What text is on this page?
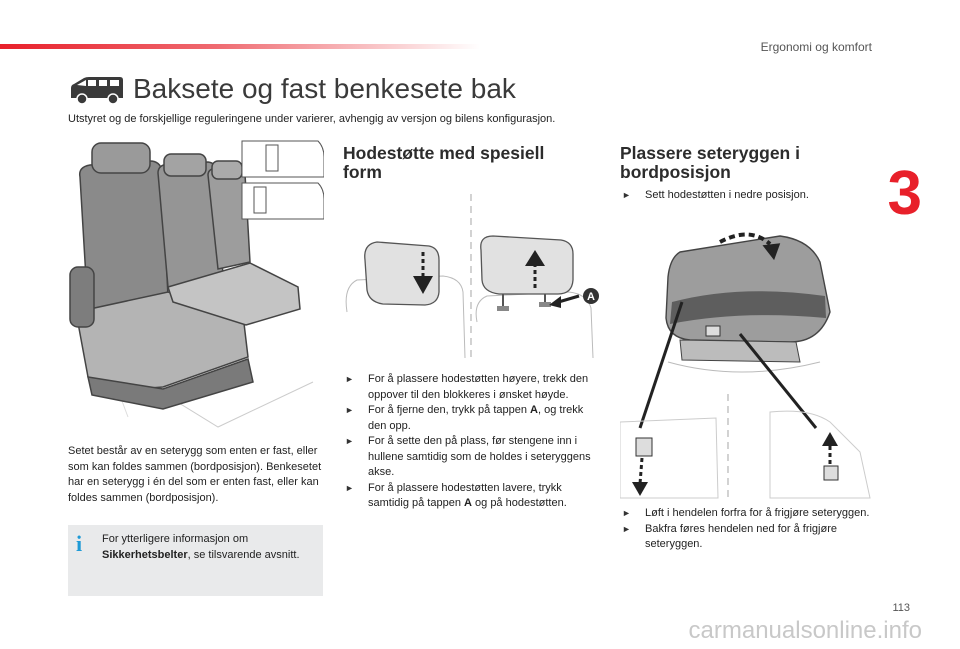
Ergonomi og komfort
3
Baksete og fast benkesete bak
Utstyret og de forskjellige reguleringene under varierer, avhengig av versjon og bilens konfigurasjon.
Setet består av en seterygg som enten er fast, eller som kan foldes sammen (bordposisjon). Benkesetet har en seterygg i én del som er enten fast, eller kan foldes sammen (bordposisjon).
i For ytterligere informasjon om Sikkerhetsbelter, se tilsvarende avsnitt.
Hodestøtte med spesiell form
A
► For å plassere hodestøtten høyere, trekk den oppover til den blokkeres i ønsket høyde.
► For å fjerne den, trykk på tappen A, og trekk den opp.
► For å sette den på plass, før stengene inn i hullene samtidig som de holdes i seteryggens akse.
► For å plassere hodestøtten lavere, trykk samtidig på tappen A og på hodestøtten.
Plassere seteryggen i bordposisjon
► Sett hodestøtten i nedre posisjon.
► Løft i hendelen forfra for å frigjøre seteryggen.
► Bakfra føres hendelen ned for å frigjøre seteryggen.
113
carmanualsonline.info
